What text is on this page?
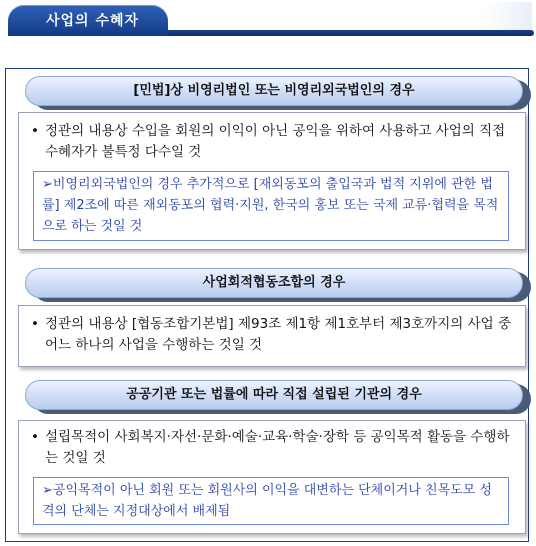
사업의 수혜자
• 정관의 내용상 수입을 회원의 이익이 아닌 공익을 위하여 사용하고 사업의 직접 수혜자가 불특정 다수일 것
➢비영리외국법인의 경우 추가적으로 [재외동포의 출입국과 법적 지위에 관한 법률] 제2조에 따른 재외동포의 협력·지원, 한국의 홍보 또는 국제 교류·협력을 목적으로 하는 것일 것
[민법]상 비영리법인 또는 비영리외국법인의 경우
• 정관의 내용상 [협동조합기본법] 제93조 제1항 제1호부터 제3호까지의 사업 중 어느 하나의 사업을 수행하는 것일 것
사업회적협동조합의 경우
• 설립목적이 사회복지·자선·문화·예술·교육·학술·장학 등 공익목적 활동을 수행하는 것일 것
➢공익목적이 아닌 회원 또는 회원사의 이익을 대변하는 단체이거나 친목도모 성격의 단체는 지정대상에서 배제됨
공공기관 또는 법률에 따라 직접 설립된 기관의 경우
